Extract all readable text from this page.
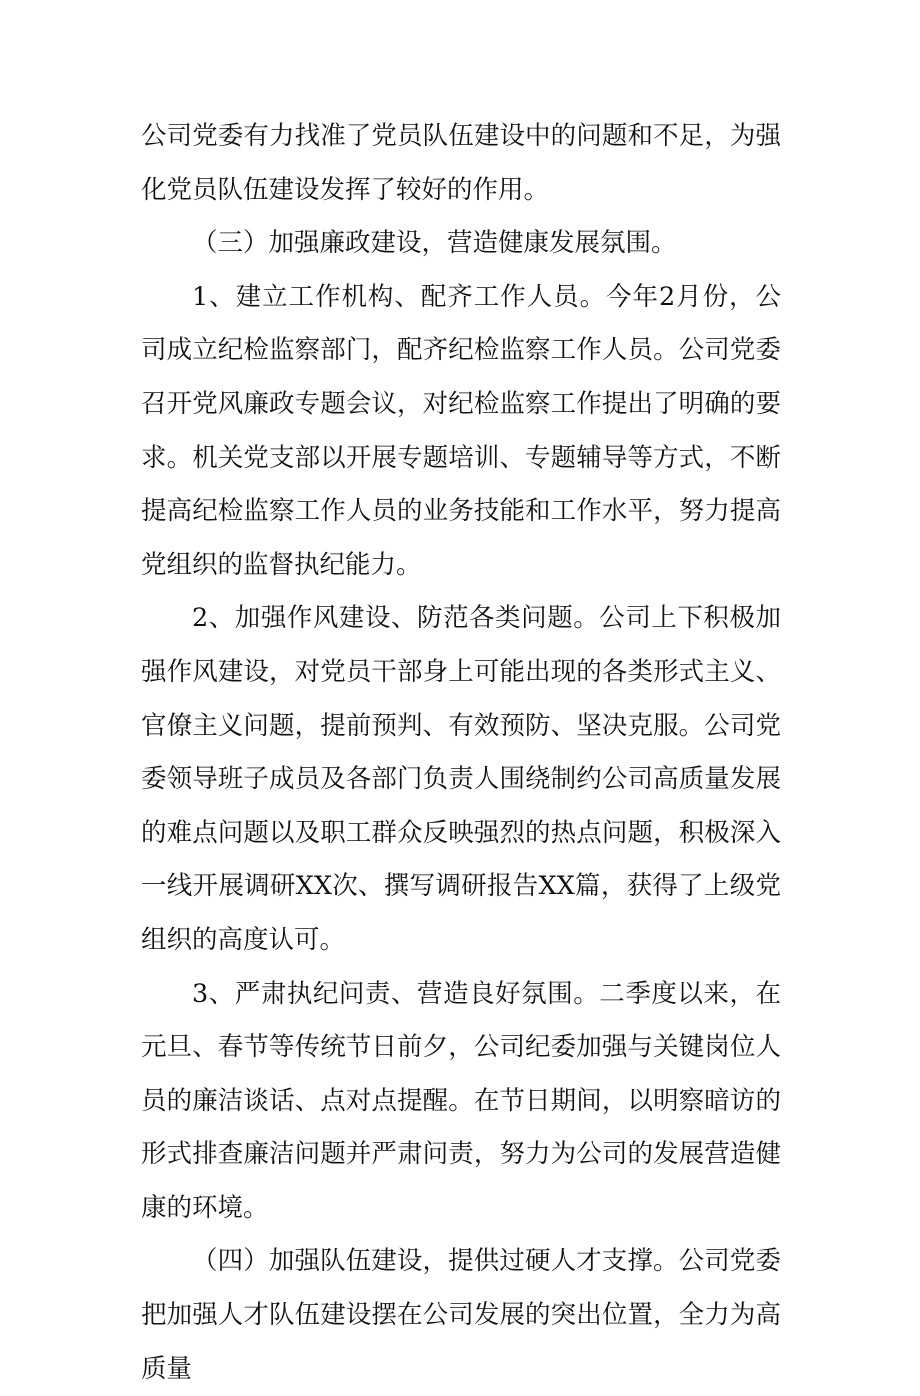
公司党委有力找准了党员队伍建设中的问题和不足，为强化党员队伍建设发挥了较好的作用。

（三）加强廉政建设，营造健康发展氛围。

1、建立工作机构、配齐工作人员。今年2月份，公司成立纪检监察部门，配齐纪检监察工作人员。公司党委召开党风廉政专题会议，对纪检监察工作提出了明确的要求。机关党支部以开展专题培训、专题辅导等方式，不断提高纪检监察工作人员的业务技能和工作水平，努力提高党组织的监督执纪能力。

2、加强作风建设、防范各类问题。公司上下积极加强作风建设，对党员干部身上可能出现的各类形式主义、官僚主义问题，提前预判、有效预防、坚决克服。公司党委领导班子成员及各部门负责人围绕制约公司高质量发展的难点问题以及职工群众反映强烈的热点问题，积极深入一线开展调研XX次、撰写调研报告XX篇，获得了上级党组织的高度认可。

3、严肃执纪问责、营造良好氛围。二季度以来，在元旦、春节等传统节日前夕，公司纪委加强与关键岗位人员的廉洁谈话、点对点提醒。在节日期间，以明察暗访的形式排查廉洁问题并严肃问责，努力为公司的发展营造健康的环境。

（四）加强队伍建设，提供过硬人才支撑。公司党委把加强人才队伍建设摆在公司发展的突出位置，全力为高质量
